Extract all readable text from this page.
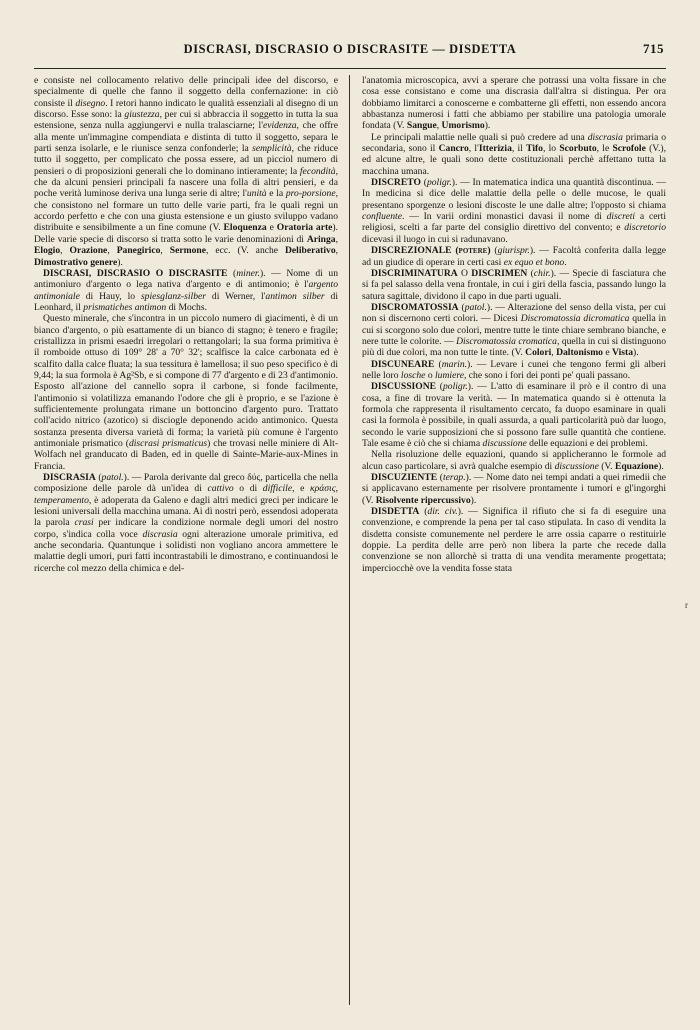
DISCRASI, DISCRASIO O DISCRASITE — DISDETTA	715

e consiste nel collocamento relativo delle principali idee del discorso, e specialmente di quelle che fanno il soggetto della confernazione: in ciò consiste il disegno. I retori hanno indicato le qualità essenziali al disegno di un discorso. Esse sono: la giustezza, per cui si abbraccia il soggetto in tutta la sua estensione, senza nulla aggiungervi e nulla tralasciarne; l'evidenza, che offre alla mente un'immagine compendiata e distinta di tutto il soggetto, separa le parti senza isolarle, e le riunisce senza confonderle; la semplicità, che riduce tutto il soggetto, per complicato che possa essere, ad un picciol numero di pensieri o di proposizioni generali che lo dominano intieramente; la fecondità, che da alcuni pensieri principali fa nascere una folla di altri pensieri, e da poche verità luminose deriva una lunga serie di altre; l'unità e la pro-porsione, che consistono nel formare un tutto delle varie parti, fra le quali regni un accordo perfetto e che con una giusta estensione e un giusto sviluppo vadano distribuite e sensibilmente a un fine comune (V. Eloquenza e Oratoria arte). Delle varie specie di discorso si tratta sotto le varie denominazioni di Aringa, Elogio, Orazione, Panegirico, Sermone, ecc. (V. anche Deliberativo, Dimostrativo genere).

DISCRASI, DISCRASIO O DISCRASITE (miner.). — Nome di un antimoniuro d'argento o lega nativa d'argento e di antimonio; è l'argento antimoniale di Hauy, lo spiesglanz-silber di Werner, l'antimon silber di Leonhard, il prismatiches antimon di Mochs.

Questo minerale, che s'incontra in un piccolo numero di giacimenti, è di un bianco d'argento, o più esattamente di un bianco di stagno; è tenero e fragile; cristallizza in prismi esaedri irregolari o rettangolari; la sua forma primitiva è il romboide ottuso di 109° 28' a 70° 32'; scalfisce la calce carbonata ed è scalfito dalla calce fluata; la sua tessitura è lamellosa; il suo peso specifico è di 9,44; la sua formola è Ag²Sb, e si compone di 77 d'argento e di 23 d'antimonio. Esposto all'azione del cannello sopra il carbone, si fonde facilmente, l'antimonio si volatilizza emanando l'odore che gli è proprio, e se l'azione è sufficientemente prolungata rimane un bottoncino d'argento puro. Trattato coll'acido nitrico (azotico) si disciogle deponendo acido antimonico. Questa sostanza presenta diversa varietà di forma; la varietà più comune è l'argento antimoniale prismatico (discrasi prismaticus) che trovasi nelle miniere di Alt-Wolfach nel granducato di Baden, ed in quelle di Sainte-Marie-aux-Mines in Francia.

DISCRASIA (patol.). — Parola derivante dal greco δύς, particella che nella composizione delle parole dà un'idea di cattivo o di difficile, e κράσις, temperamento, è adoperata da Galeno e dagli altri medici greci per indicare le lesioni universali della macchina umana. Ai dì nostri però, essendosi adoperata la parola crasi per indicare la condizione normale degli umori del nostro corpo, s'indica colla voce discrasia ogni alterazione umorale primitiva, ed anche secondaria. Quantunque i solidisti non vogliano ancora ammettere le malattie degli umori, puri fatti incontrastabili le dimostrano, e continuandosi le ricerche col mezzo della chimica e del-

l'anatomia microscopica, avvi a sperare che potrassi una volta fissare in che cosa esse consistano e come una discrasia dall'altra si distingua. Per ora dobbiamo limitarci a conoscerne e combatterne gli effetti, non essendo ancora abbastanza numerosi i fatti che abbiamo per stabilire una patologia umorale fondata (V. Sangue, Umorismo).

Le principali malattie nelle quali si può credere ad una discrasia primaria o secondaria, sono il Cancro, l'Itterizia, il Tifo, lo Scorbuto, le Scrofole (V.), ed alcune altre, le quali sono dette costituzionali perchè affettano tutta la macchina umana.

DISCRETO (poligr.). — In matematica indica una quantità discontinua. — In medicina si dice delle malattie della pelle o delle mucose, le quali presentano sporgenze o lesioni discoste le une dalle altre; l'opposto si chiama confluente. — In varii ordini monastici davasi il nome di discreti a certi religiosi, scelti a far parte del consiglio direttivo del convento; e discretorio dicevasi il luogo in cui si radunavano.

DISCREZIONALE (potere) (giurispr.). — Facoltà conferita dalla legge ad un giudice di operare in certi casi ex equo et bono.

DISCRIMINATURA O DISCRIMEN (chir.). — Specie di fasciatura che si fa pel salasso della vena frontale, in cui i giri della fascia, passando lungo la satura sagittale, dividono il capo in due parti uguali.

DISCROMATOSSIA (patol.). — Alterazione del senso della vista, per cui non si discernono certi colori. — Dicesi Discromatossia dicromatica quella in cui si scorgono solo due colori, mentre tutte le tinte chiare sembrano bianche, e nere tutte le colorite. — Discromatossia cromatica, quella in cui si distinguono più di due colori, ma non tutte le tinte. (V. Colori, Daltonismo e Vista).

DISCUNEARE (marin.). — Levare i cunei che tengono fermi gli alberi nelle loro losche o lumiere, che sono i fori dei ponti pe' quali passano.

DISCUSSIONE (poligr.). — L'atto di esaminare il prò e il contro di una cosa, a fine di trovare la verità. — In matematica quando si è ottenuta la formola che rappresenta il risultamento cercato, fa duopo esaminare in quali casi la formola è possibile, in quali assurda, a quali particolarità può dar luogo, secondo le varie supposizioni che si possono fare sulle quantità che contiene. Tale esame è ciò che si chiama discussione delle equazioni e dei problemi.

Nella risoluzione delle equazioni, quando si applicheranno le formole ad alcun caso particolare, si avrà qualche esempio di discussione (V. Equazione).

DISCUZIENTE (terap.). — Nome dato nei tempi andati a quei rimedii che si applicavano esternamente per risolvere prontamente i tumori e gl'ingorghi (V. Risolvente ripercussivo).

DISDETTA (dir. civ.). — Significa il rifiuto che si fa di eseguire una convenzione, e comprende la pena per tal caso stipulata. In caso di vendita la disdetta consiste comunemente nel perdere le arre ossia caparre o restituirle doppie. La perdita delle arre però non libera la parte che recede dalla convenzione se non allorchè si tratta di una vendita meramente progettata; imperciocchè ove la vendita fosse stata

r
